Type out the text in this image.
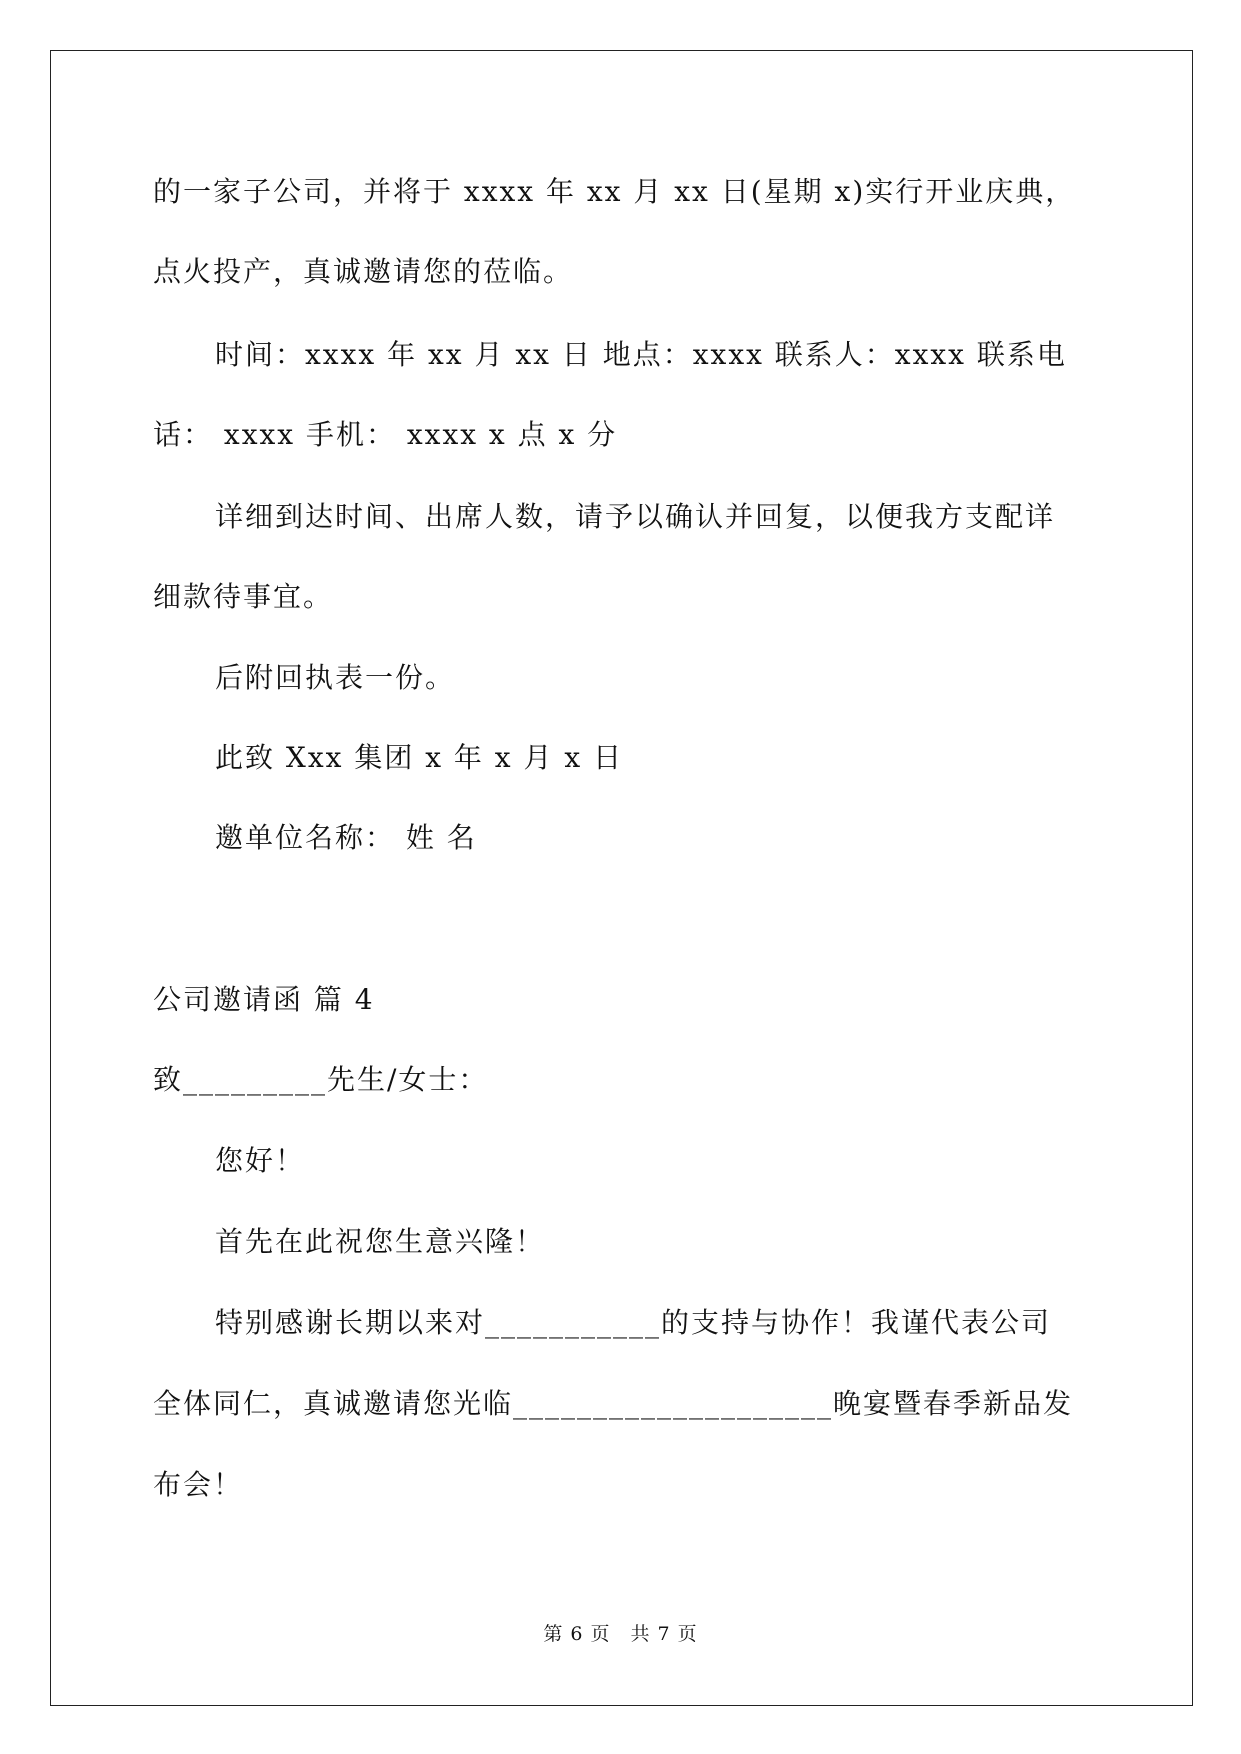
的一家子公司，并将于 xxxx 年 xx 月 xx 日(星期 x)实行开业庆典，
点火投产，真诚邀请您的莅临。
时间：xxxx 年 xx 月 xx 日 地点：xxxx 联系人：xxxx 联系电
话： xxxx 手机： xxxx x 点 x 分
详细到达时间、出席人数，请予以确认并回复，以便我方支配详
细款待事宜。
后附回执表一份。
此致 Xxx 集团 x 年 x 月 x 日
邀单位名称： 姓 名
公司邀请函 篇 4
致_________先生/女士：
您好！
首先在此祝您生意兴隆！
特别感谢长期以来对___________的支持与协作！我谨代表公司
全体同仁，真诚邀请您光临____________________晚宴暨春季新品发
布会！
第 6 页　共 7 页
